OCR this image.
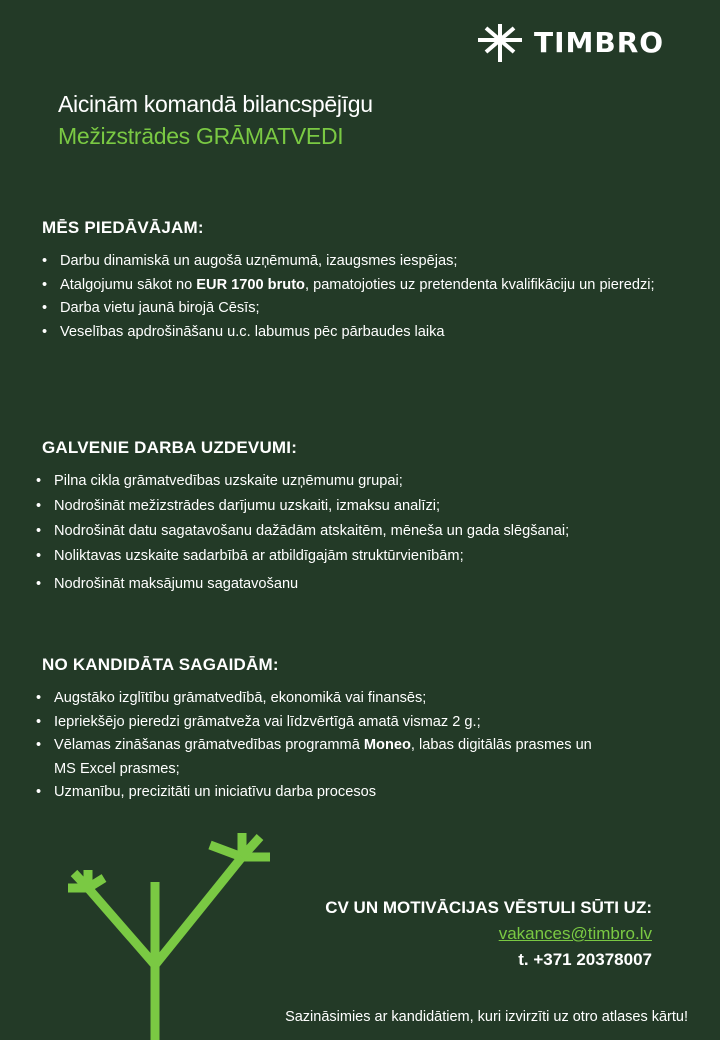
TIMBRO
Aicinām komandā bilancspējīgu
Mežizstrādes GRĀMATVEDI
MĒS PIEDĀVĀJAM:
• Darbu dinamiskā un augošā uzņēmumā, izaugsmes iespējas;
• Atalgojumu sākot no EUR 1700 bruto, pamatojoties uz pretendenta kvalifikāciju un pieredzi;
• Darba vietu jaunā birojā Cēsīs;
• Veselības apdrošināšanu u.c. labumus pēc pārbaudes laika
GALVENIE DARBA UZDEVUMI:
• Pilna cikla grāmatvedības uzskaite uzņēmumu grupai;
• Nodrošināt mežizstrādes darījumu uzskaiti, izmaksu analīzi;
• Nodrošināt datu sagatavošanu dažādām atskaitēm, mēneša un gada slēgšanai;
• Noliktavas uzskaite sadarbībā ar atbildīgajām struktūrvienībām;
• Nodrošināt maksājumu sagatavošanu
NO KANDIDĀTA SAGAIDĀM:
• Augstāko izglītību grāmatvedībā, ekonomikā vai finansēs;
• Iepriekšējo pieredzi grāmatveža vai līdzvērtīgā amatā vismaz 2 g.;
• Vēlamas zināšanas grāmatvedības programmā Moneo, labas digitālās prasmes un MS Excel prasmes;
• Uzmanību, precizitāti un iniciatīvu darba procesos
CV UN MOTIVĀCIJAS VĒSTULI SŪTI UZ:
vakances@timbro.lv
t. +371 20378007
Sazināsimies ar kandidātiem, kuri izvirzīti uz otro atlases kārtu!
